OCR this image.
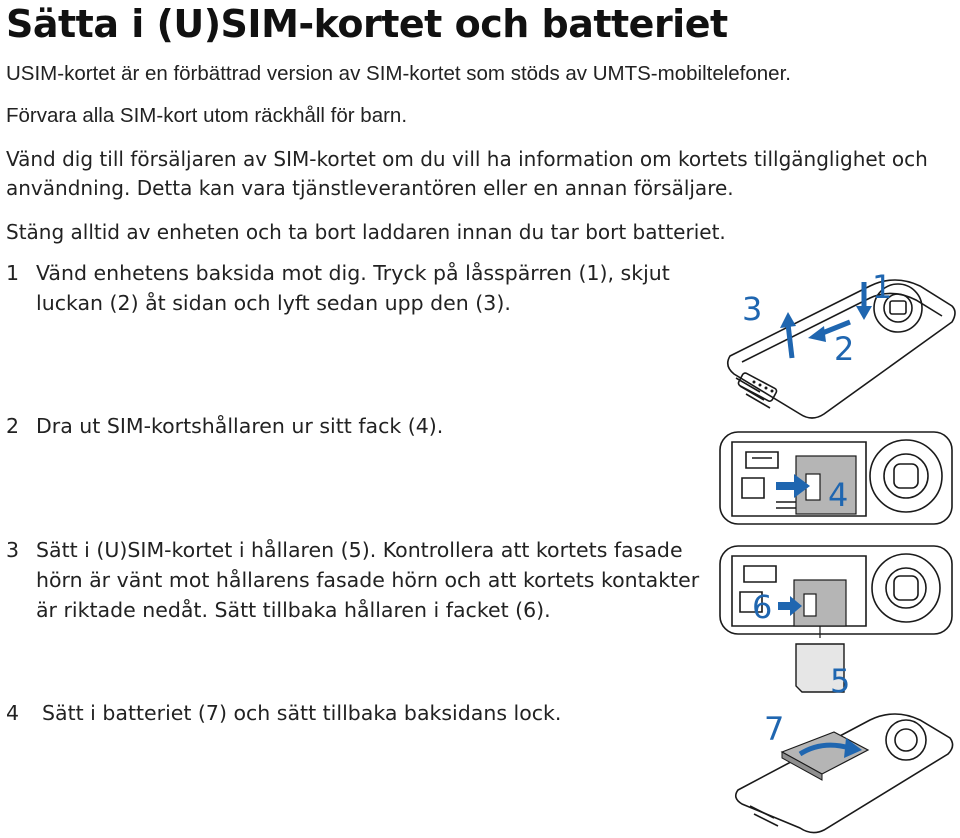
Sätta i (U)SIM-kortet och batteriet

USIM-kortet är en förbättrad version av SIM-kortet som stöds av UMTS-mobiltelefoner.

Förvara alla SIM-kort utom räckhåll för barn.

Vänd dig till försäljaren av SIM-kortet om du vill ha information om kortets tillgänglighet och

användning. Detta kan vara tjänstleverantören eller en annan försäljare.

Stäng alltid av enheten och ta bort laddaren innan du tar bort batteriet.

1 Vänd enhetens baksida mot dig. Tryck på låsspärren (1), skjut
luckan (2) åt sidan och lyft sedan upp den (3).
2 Dra ut SIM-kortshållaren ur sitt fack (4).
3 Sätt i (U)SIM-kortet i hållaren (5). Kontrollera att kortets fasade
hörn är vänt mot hållarens fasade hörn och att kortets kontakter
är riktade nedåt. Sätt tillbaka hållaren i facket (6).
4	Sätt i batteriet (7) och sätt tillbaka baksidans lock.
1
2
3
4
6
5
7
